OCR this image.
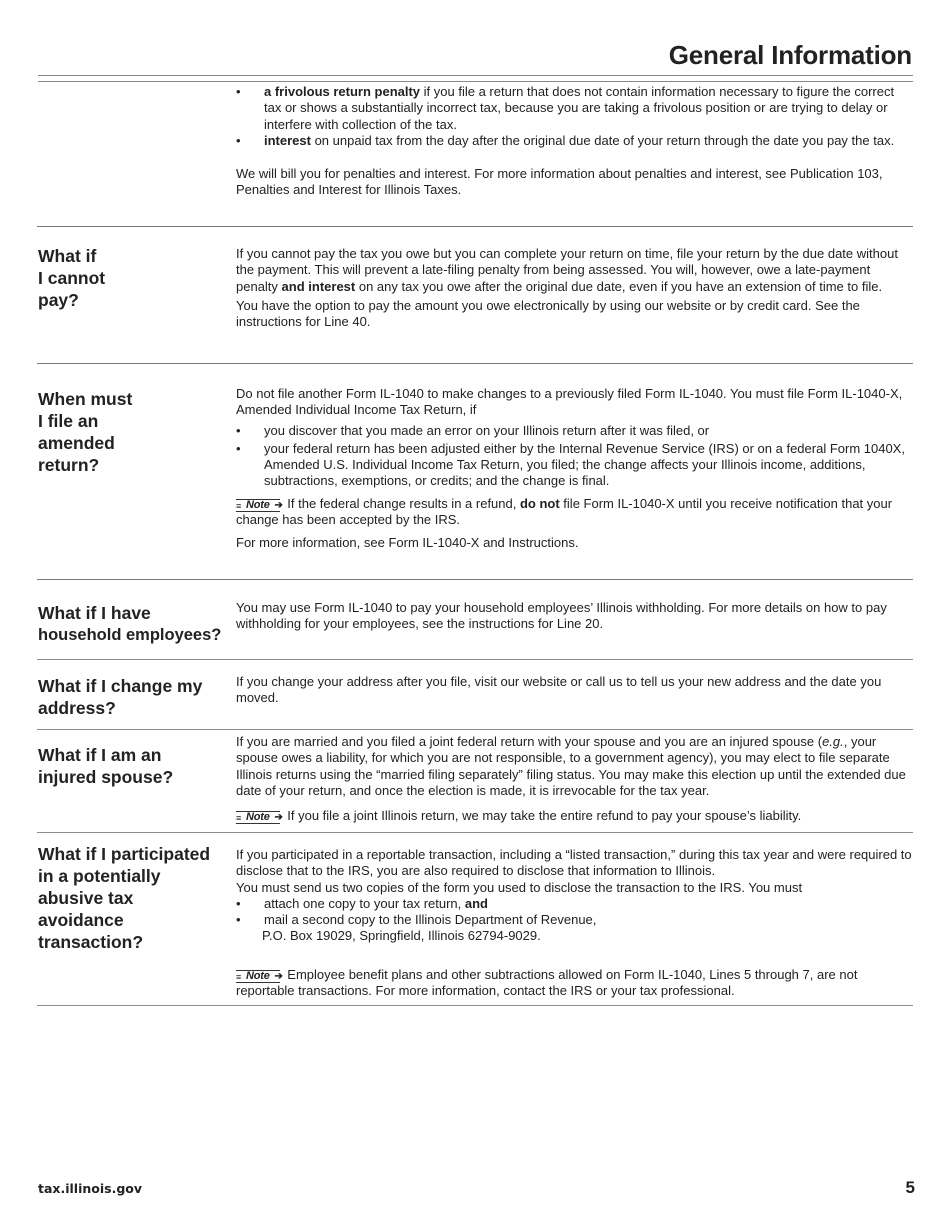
General Information
• a frivolous return penalty if you file a return that does not contain information necessary to figure the correct tax or shows a substantially incorrect tax, because you are taking a frivolous position or are trying to delay or interfere with collection of the tax.
• interest on unpaid tax from the day after the original due date of your return through the date you pay the tax.

We will bill you for penalties and interest. For more information about penalties and interest, see Publication 103, Penalties and Interest for Illinois Taxes.

What if
I cannot
pay?

If you cannot pay the tax you owe but you can complete your return on time, file your return by the due date without the payment. This will prevent a late-filing penalty from being assessed. You will, however, owe a late-payment penalty and interest on any tax you owe after the original due date, even if you have an extension of time to file.

You have the option to pay the amount you owe electronically by using our website or by credit card. See the instructions for Line 40.

When must
I file an
amended
return?

Do not file another Form IL-1040 to make changes to a previously filed Form IL-1040. You must file Form IL-1040-X, Amended Individual Income Tax Return, if

• you discover that you made an error on your Illinois return after it was filed, or
• your federal return has been adjusted either by the Internal Revenue Service (IRS) or on a federal Form 1040X, Amended U.S. Individual Income Tax Return, you filed; the change affects your Illinois income, additions, subtractions, exemptions, or credits; and the change is final.

≡ Note ➔ If the federal change results in a refund, do not file Form IL-1040-X until you receive notification that your change has been accepted by the IRS.

For more information, see Form IL-1040-X and Instructions.

What if I have
household employees?

You may use Form IL-1040 to pay your household employees’ Illinois withholding. For more details on how to pay withholding for your employees, see the instructions for Line 20.

What if I change my
address?

If you change your address after you file, visit our website or call us to tell us your new address and the date you moved.

What if I am an
injured spouse?

If you are married and you filed a joint federal return with your spouse and you are an injured spouse (e.g., your spouse owes a liability, for which you are not responsible, to a government agency), you may elect to file separate Illinois returns using the “married filing separately” filing status. You may make this election up until the extended due date of your return, and once the election is made, it is irrevocable for the tax year.

≡ Note ➔ If you file a joint Illinois return, we may take the entire refund to pay your spouse’s liability.

What if I participated
in a potentially
abusive tax
avoidance
transaction?

If you participated in a reportable transaction, including a “listed transaction,” during this tax year and were required to disclose that to the IRS, you are also required to disclose that information to Illinois.

You must send us two copies of the form you used to disclose the transaction to the IRS. You must

• attach one copy to your tax return, and
• mail a second copy to the Illinois Department of Revenue,
P.O. Box 19029, Springfield, Illinois 62794-9029.

≡ Note ➔ Employee benefit plans and other subtractions allowed on Form IL-1040, Lines 5 through 7, are not reportable transactions. For more information, contact the IRS or your tax professional.

tax.illinois.gov	5
